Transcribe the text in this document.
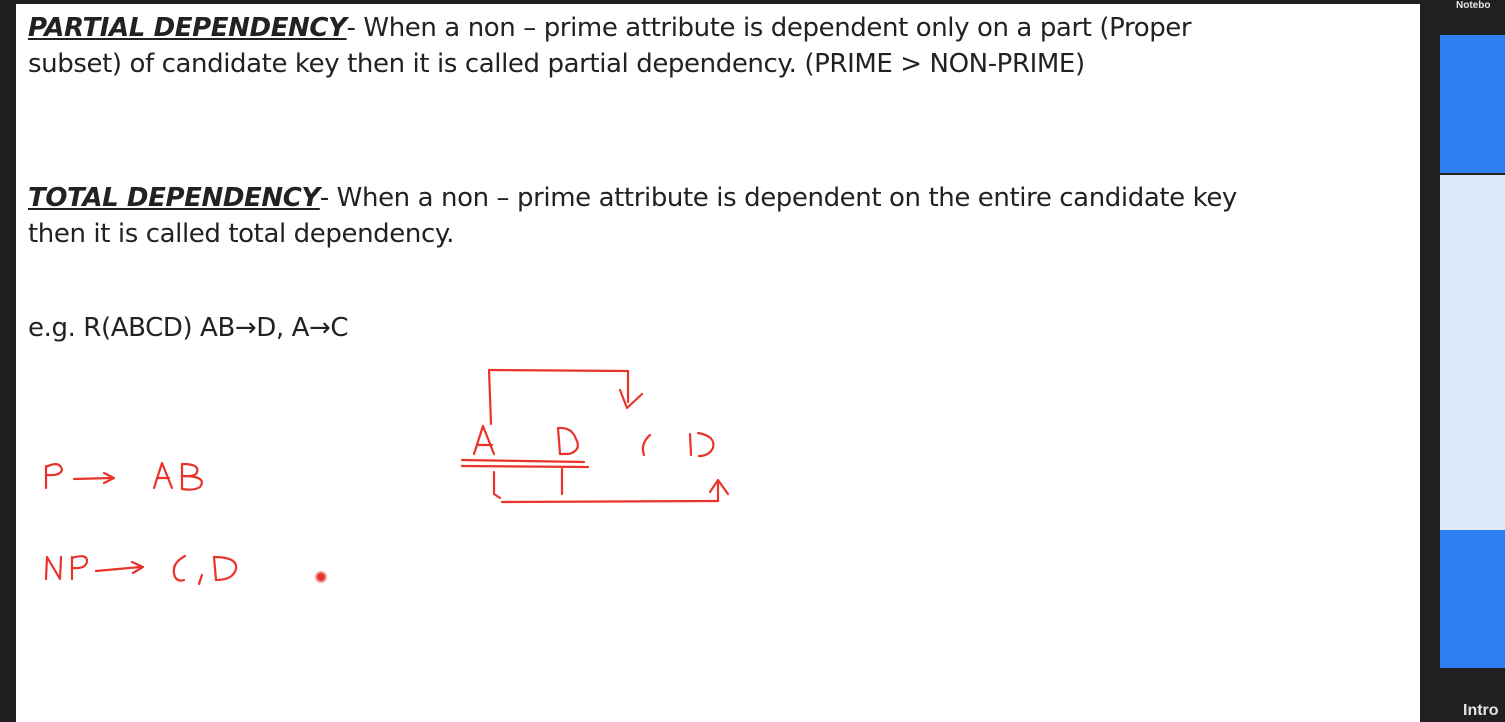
PARTIAL DEPENDENCY- When a non – prime attribute is dependent only on a part (Proper
subset) of candidate key then it is called partial dependency. (PRIME > NON-PRIME)

TOTAL DEPENDENCY- When a non – prime attribute is dependent on the entire candidate key
then it is called total dependency.

e.g. R(ABCD) AB→D, A→C

Notebo
Intro
